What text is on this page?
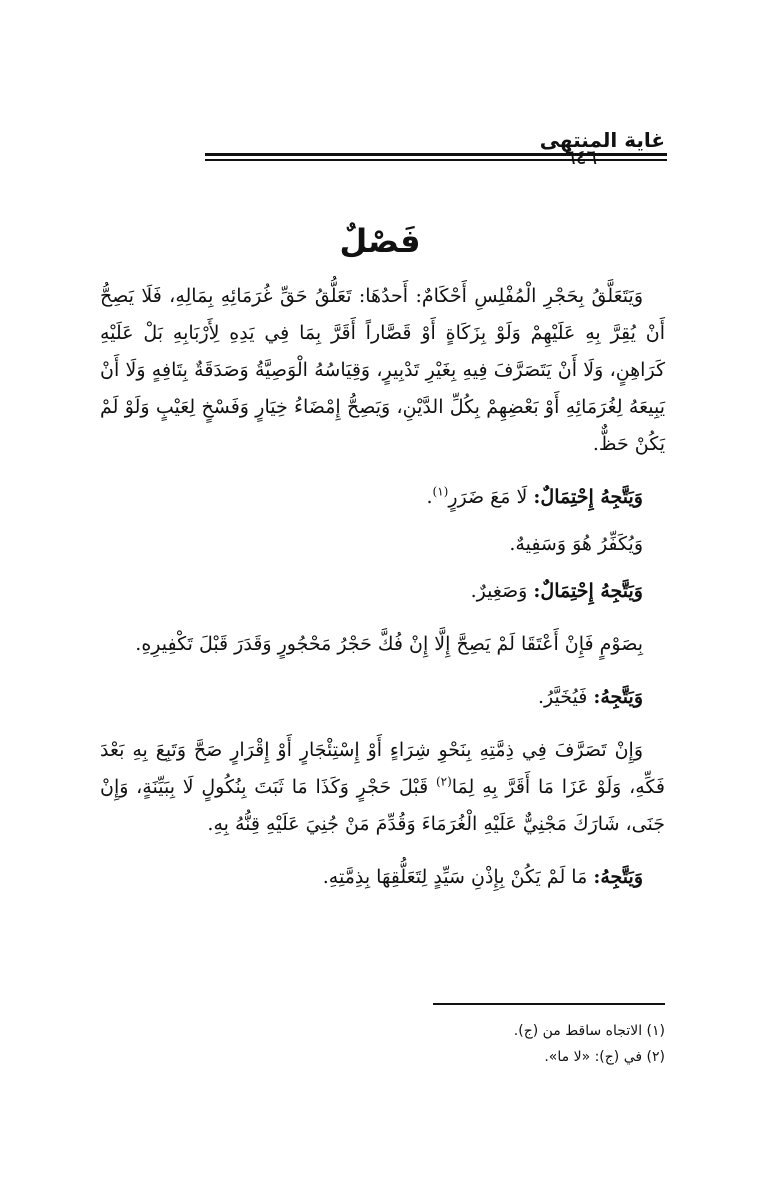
غاية المنتهى
٦٤٦
فَصْلٌ

وَيَتَعَلَّقُ بِحَجْرِ الْمُفْلِسِ أَحْكَامٌ: أَحدُهَا: تَعَلُّقُ حَقِّ غُرَمَائِهِ بِمَالِهِ، فَلَا يَصِحُّ أَنْ يُقِرَّ بِهِ عَلَيْهِمْ وَلَوْ بِزَكَاةٍ أَوْ قَصَّاراً أَقَرَّ بِمَا فِي يَدِهِ لِأَرْبَابِهِ بَلْ عَلَيْهِ كَرَاهِنٍ، وَلَا أَنْ يَتَصَرَّفَ فِيهِ بِغَيْرِ تَدْبِيرٍ، وَقِيَاسُهُ الْوَصِيَّةُ وَصَدَقَةٌ بِتَافِهٍ وَلَا أَنْ يَبِيعَهُ لِغُرَمَائِهِ أَوْ بَعْضِهِمْ بِكُلِّ الدَّيْنِ، وَيَصِحُّ إِمْضَاءُ خِيَارٍ وَفَسْخٍ لِعَيْبٍ وَلَوْ لَمْ يَكُنْ حَظٌّ.

وَيَتَّجِهُ إِحْتِمَالٌ: لَا مَعَ ضَرَرٍ$^{(١)}$.

وَيُكَفِّرُ هُوَ وَسَفِيهٌ.

وَيَتَّجِهُ إِحْتِمَالٌ: وَصَغِيرٌ.

بِصَوْمٍ فَإِنْ أَعْتَقَا لَمْ يَصِحَّ إِلَّا إِنْ فُكَّ حَجْرُ مَحْجُورٍ وَقَدَرَ قَبْلَ تَكْفِيرِهِ.

وَيَتَّجِهُ: فَيُخَيَّرُ.

وَإِنْ تَصَرَّفَ فِي ذِمَّتِهِ بِنَحْوِ شِرَاءٍ أَوْ إِسْتِئْجَارٍ أَوْ إِقْرَارٍ صَحَّ وَتَبِعَ بِهِ بَعْدَ فَكِّهِ، وَلَوْ عَزَا مَا أَقَرَّ بِهِ لِمَا$^{(٢)}$ قَبْلَ حَجْرٍ وَكَذَا مَا ثَبَتَ بِنُكُولٍ لَا بِبَيِّنَةٍ، وَإِنْ جَنَى، شَارَكَ مَجْنِيٌّ عَلَيْهِ الْغُرَمَاءَ وَقُدِّمَ مَنْ جُنِيَ عَلَيْهِ قِنُّهُ بِهِ.

وَيَتَّجِهُ: مَا لَمْ يَكُنْ بِإِذْنِ سَيِّدٍ لِتَعَلُّقِهَا بِذِمَّتِهِ.

(١) الاتجاه ساقط من (ج).
(٢) في (ج): «لا ما».
